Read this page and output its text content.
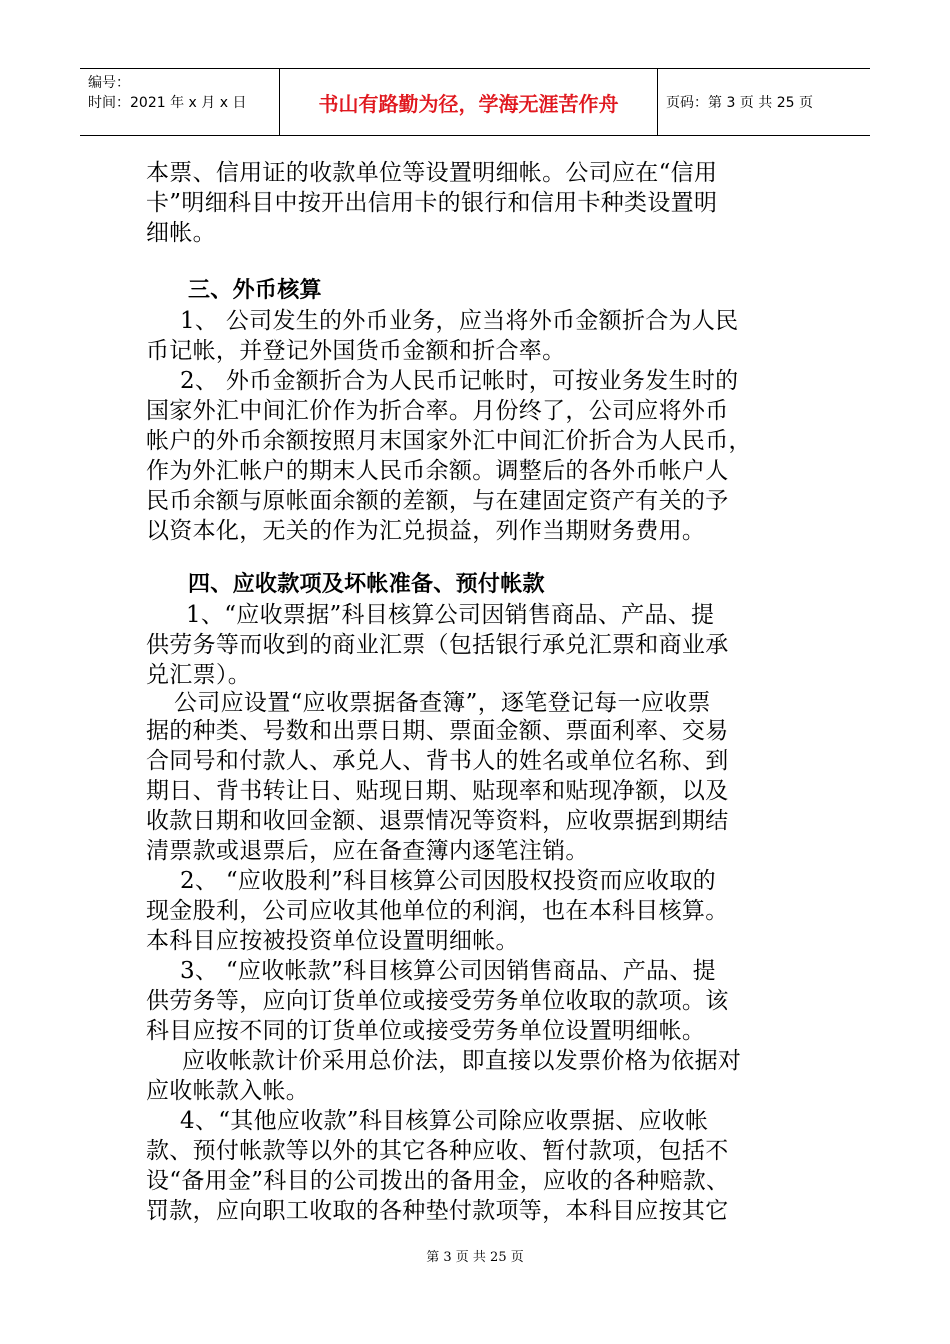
编号：
时间：2021 年 x 月 x 日	书山有路勤为径，学海无涯苦作舟	页码：第 3 页 共 25 页
本票、信用证的收款单位等设置明细帐。公司应在“信用
卡”明细科目中按开出信用卡的银行和信用卡种类设置明
细帐。
三、外币核算
1、 公司发生的外币业务，应当将外币金额折合为人民
币记帐，并登记外国货币金额和折合率。
2、 外币金额折合为人民币记帐时，可按业务发生时的
国家外汇中间汇价作为折合率。月份终了，公司应将外币
帐户的外币余额按照月末国家外汇中间汇价折合为人民币，
作为外汇帐户的期末人民币余额。调整后的各外币帐户人
民币余额与原帐面余额的差额，与在建固定资产有关的予
以资本化，无关的作为汇兑损益，列作当期财务费用。
四、应收款项及坏帐准备、预付帐款
1、“应收票据”科目核算公司因销售商品、产品、提
供劳务等而收到的商业汇票（包括银行承兑汇票和商业承
兑汇票）。
公司应设置“应收票据备查簿”，逐笔登记每一应收票
据的种类、号数和出票日期、票面金额、票面利率、交易
合同号和付款人、承兑人、背书人的姓名或单位名称、到
期日、背书转让日、贴现日期、贴现率和贴现净额，以及
收款日期和收回金额、退票情况等资料，应收票据到期结
清票款或退票后，应在备查簿内逐笔注销。
2、 “应收股利”科目核算公司因股权投资而应收取的
现金股利，公司应收其他单位的利润，也在本科目核算。
本科目应按被投资单位设置明细帐。
3、 “应收帐款”科目核算公司因销售商品、产品、提
供劳务等，应向订货单位或接受劳务单位收取的款项。该
科目应按不同的订货单位或接受劳务单位设置明细帐。
应收帐款计价采用总价法，即直接以发票价格为依据对
应收帐款入帐。
4、“其他应收款”科目核算公司除应收票据、应收帐
款、预付帐款等以外的其它各种应收、暂付款项，包括不
设“备用金”科目的公司拨出的备用金，应收的各种赔款、
罚款，应向职工收取的各种垫付款项等，本科目应按其它
第 3 页 共 25 页
